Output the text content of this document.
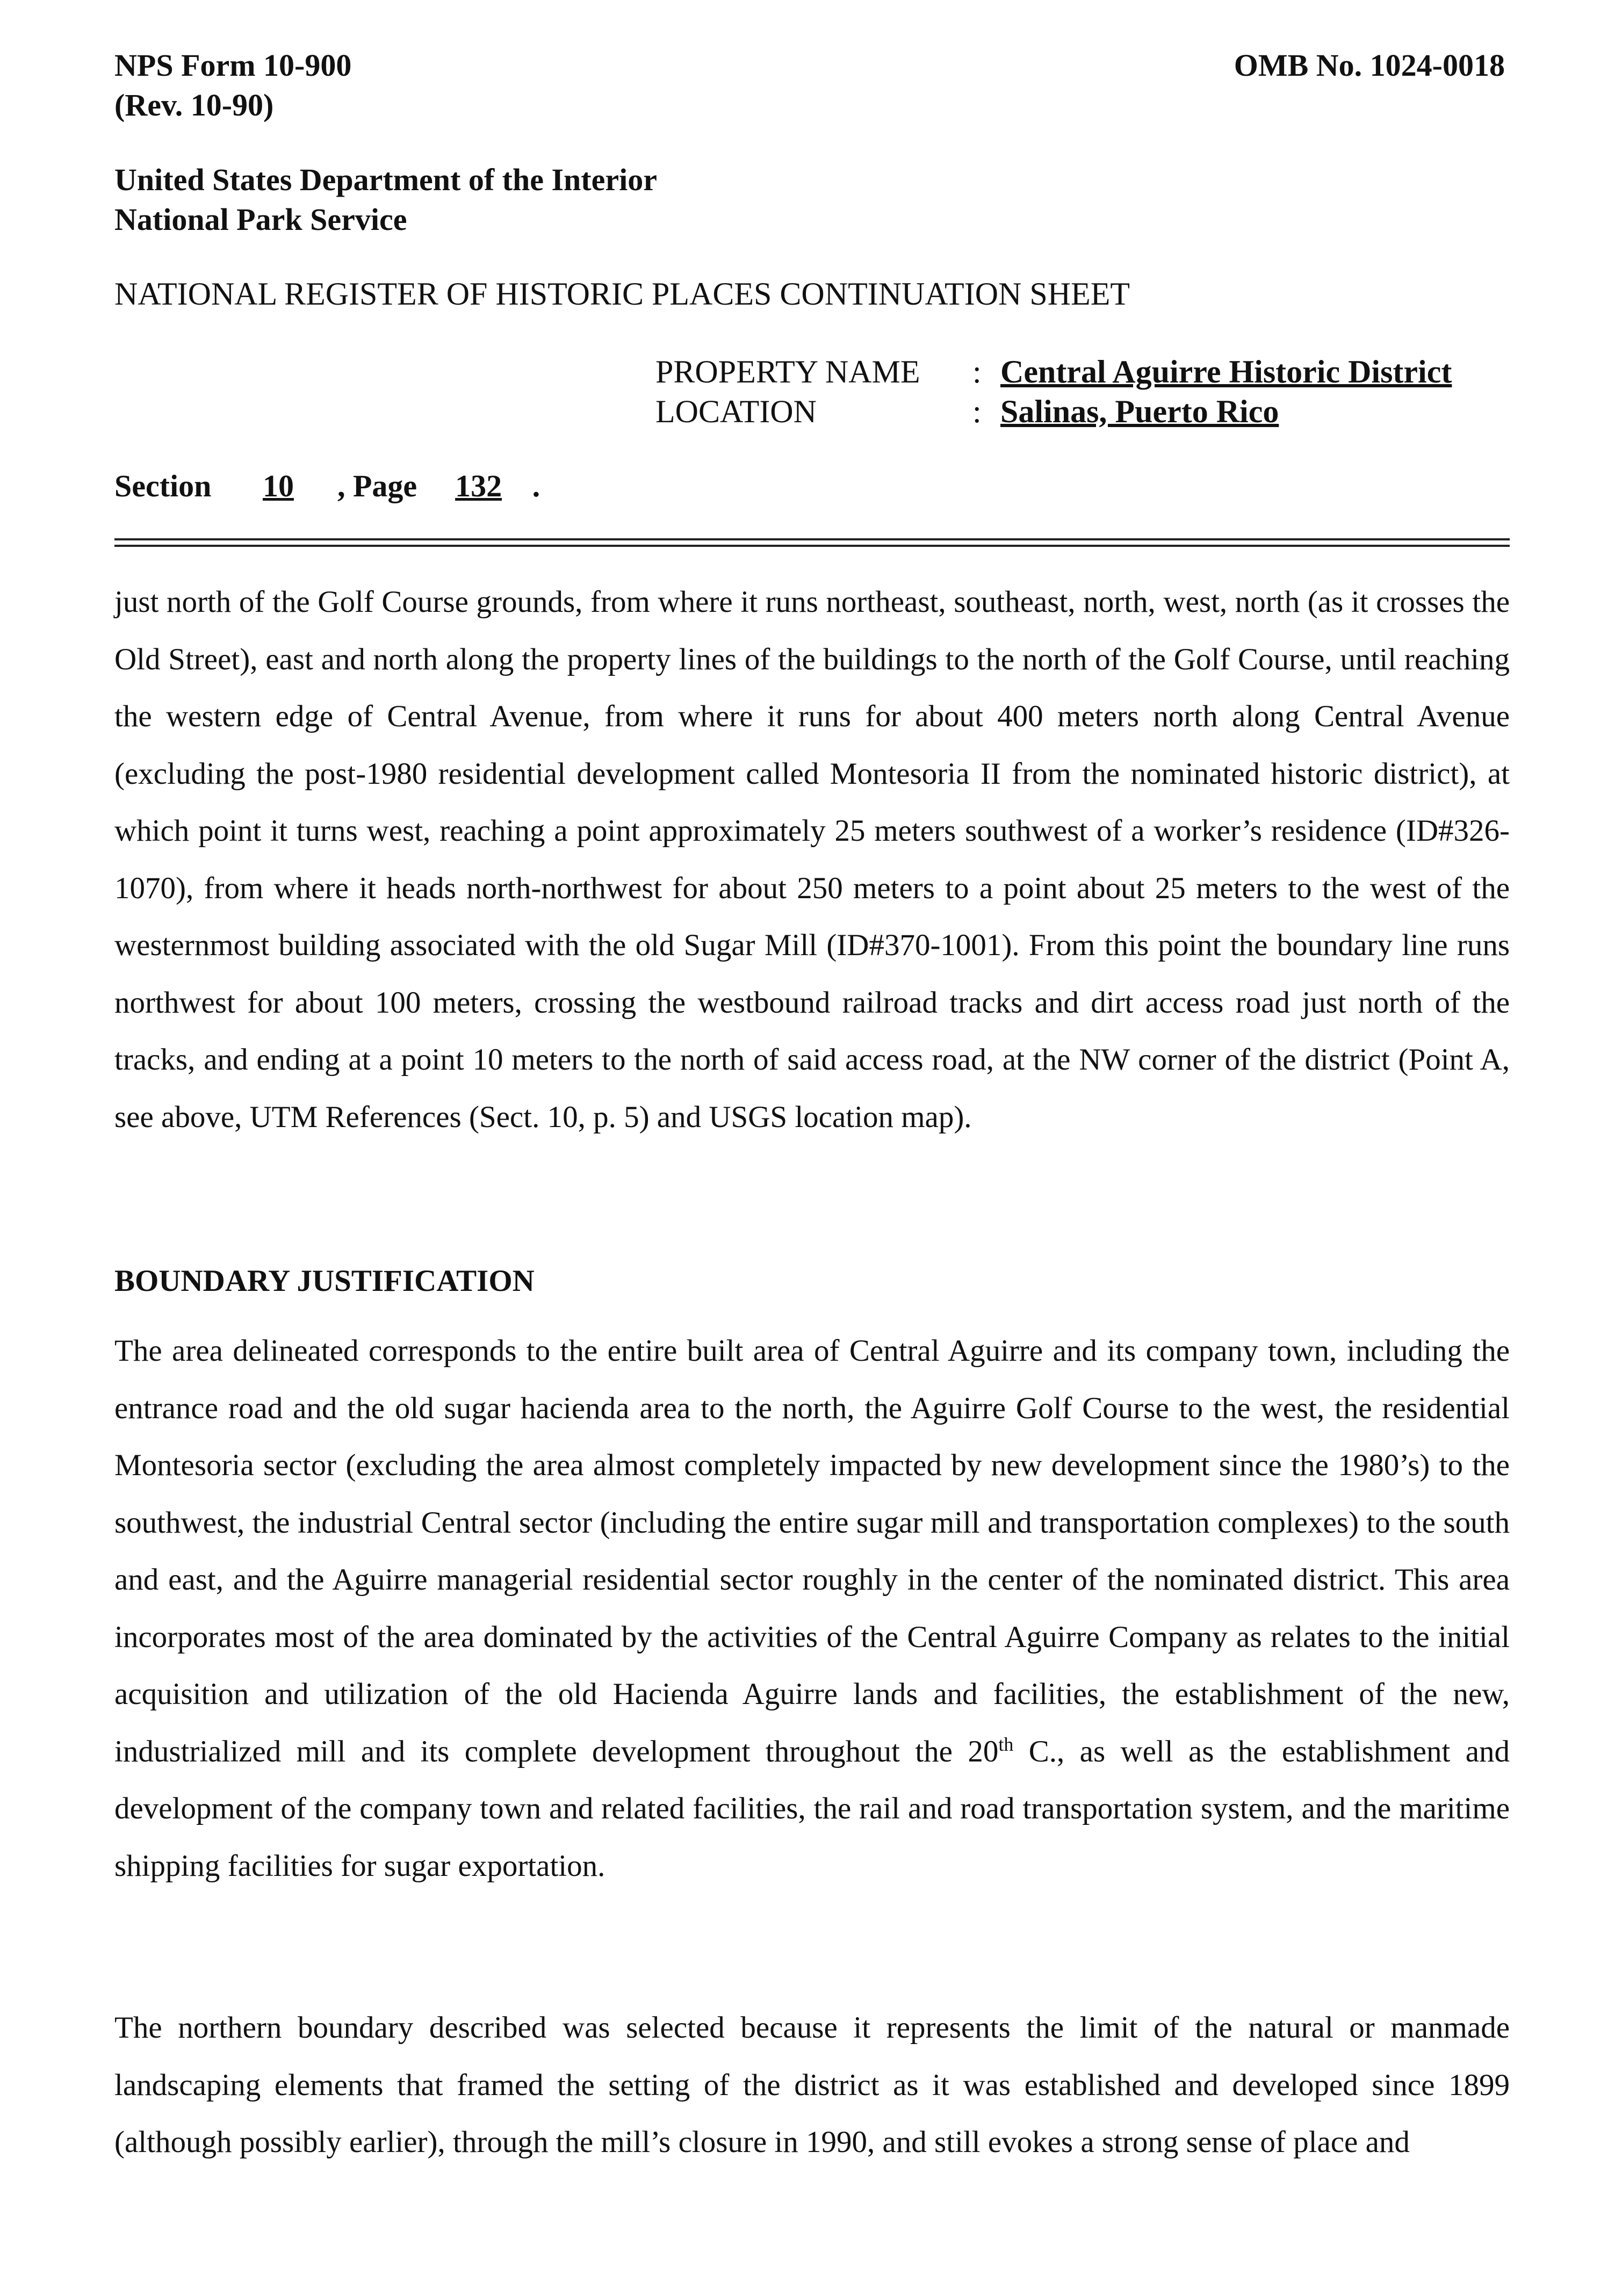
NPS Form 10-900
(Rev. 10-90)
OMB No. 1024-0018
United States Department of the Interior
National Park Service
NATIONAL REGISTER OF HISTORIC PLACES CONTINUATION SHEET
PROPERTY NAME	: Central Aguirre Historic District
LOCATION	: Salinas, Puerto Rico
Section 10 , Page 132 .
just north of the Golf Course grounds, from where it runs northeast, southeast, north, west, north (as it crosses the Old Street), east and north along the property lines of the buildings to the north of the Golf Course, until reaching the western edge of Central Avenue, from where it runs for about 400 meters north along Central Avenue (excluding the post-1980 residential development called Montesoria II from the nominated historic district), at which point it turns west, reaching a point approximately 25 meters southwest of a worker’s residence (ID#326-1070), from where it heads north-northwest for about 250 meters to a point about 25 meters to the west of the westernmost building associated with the old Sugar Mill (ID#370-1001). From this point the boundary line runs northwest for about 100 meters, crossing the westbound railroad tracks and dirt access road just north of the tracks, and ending at a point 10 meters to the north of said access road, at the NW corner of the district (Point A, see above, UTM References (Sect. 10, p. 5) and USGS location map).
BOUNDARY JUSTIFICATION
The area delineated corresponds to the entire built area of Central Aguirre and its company town, including the entrance road and the old sugar hacienda area to the north, the Aguirre Golf Course to the west, the residential Montesoria sector (excluding the area almost completely impacted by new development since the 1980’s) to the southwest, the industrial Central sector (including the entire sugar mill and transportation complexes) to the south and east, and the Aguirre managerial residential sector roughly in the center of the nominated district. This area incorporates most of the area dominated by the activities of the Central Aguirre Company as relates to the initial acquisition and utilization of the old Hacienda Aguirre lands and facilities, the establishment of the new, industrialized mill and its complete development throughout the 20th C., as well as the establishment and development of the company town and related facilities, the rail and road transportation system, and the maritime shipping facilities for sugar exportation.
The northern boundary described was selected because it represents the limit of the natural or manmade landscaping elements that framed the setting of the district as it was established and developed since 1899 (although possibly earlier), through the mill’s closure in 1990, and still evokes a strong sense of place and
